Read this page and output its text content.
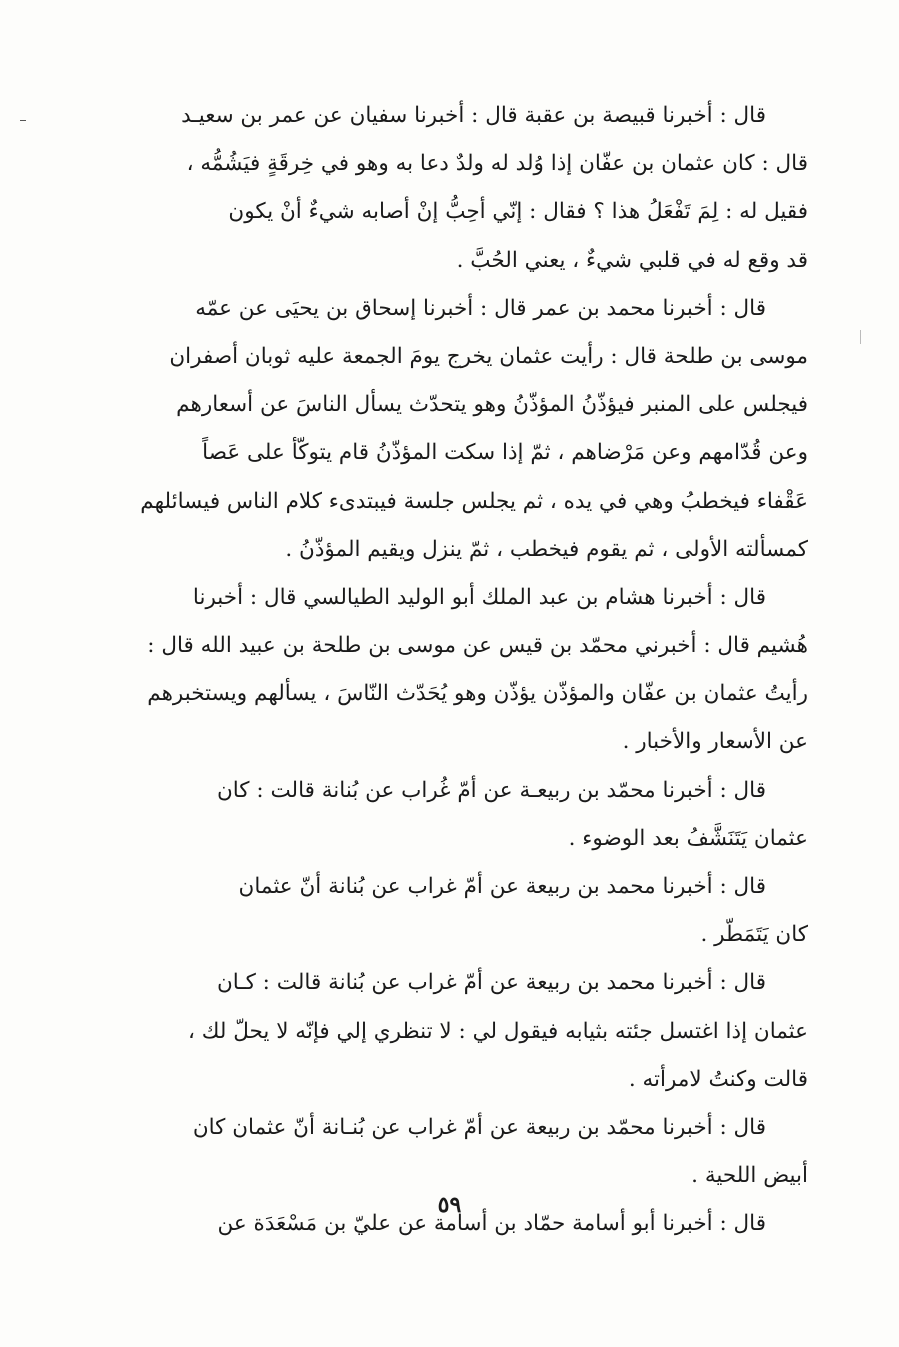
قال : أخبرنا قبيصة بن عقبة قال : أخبرنا سفيان عن عمر بن سعيـد
قال : كان عثمان بن عفّان إذا وُلد له ولدٌ دعا به وهو في خِرقَةٍ فيَشُمُّه ،
فقيل له : لِمَ تَفْعَلُ هذا ؟ فقال : إنّي أحِبُّ إنْ أصابه شيءٌ أنْ يكون
قد وقع له في قلبي شيءٌ ، يعني الحُبَّ .
قال : أخبرنا محمد بن عمر قال : أخبرنا إسحاق بن يحيَى عن عمّه
موسى بن طلحة قال : رأيت عثمان يخرج يومَ الجمعة عليه ثوبان أصفران
فيجلس على المنبر فيؤذّنُ المؤذّنُ وهو يتحدّث يسأل الناسَ عن أسعارهم
وعن قُدّامهم وعن مَرْضاهم ، ثمّ إذا سكت المؤذّنُ قام يتوكّأ على عَصاً
عَقْفاء فيخطبُ وهي في يده ، ثم يجلس جلسة فيبتدىء كلام الناس فيسائلهم
كمسألته الأولى ، ثم يقوم فيخطب ، ثمّ ينزل ويقيم المؤذّنُ .
قال : أخبرنا هشام بن عبد الملك أبو الوليد الطيالسي قال : أخبرنا
هُشيم قال : أخبرني محمّد بن قيس عن موسى بن طلحة بن عبيد الله قال :
رأيتُ عثمان بن عفّان والمؤذّن يؤذّن وهو يُحَدّث النّاسَ ، يسألهم ويستخبرهم
عن الأسعار والأخبار .
قال : أخبرنا محمّد بن ربيعـة عن أمّ غُراب عن بُنانة قالت : كان
عثمان يَتَنَشَّفُ بعد الوضوء .
قال : أخبرنا محمد بن ربيعة عن أمّ غراب عن بُنانة أنّ عثمان
كان يَتَمَطّر .
قال : أخبرنا محمد بن ربيعة عن أمّ غراب عن بُنانة قالت : كـان
عثمان إذا اغتسل جئته بثيابه فيقول لي : لا تنظري إلي فإنّه لا يحلّ لك ،
قالت وكنتُ لامرأته .
قال : أخبرنا محمّد بن ربيعة عن أمّ غراب عن بُنـانة أنّ عثمان كان
أبيض اللحية .
قال : أخبرنا أبو أسامة حمّاد بن أسامة عن عليّ بن مَسْعَدَة عن
٥٩
